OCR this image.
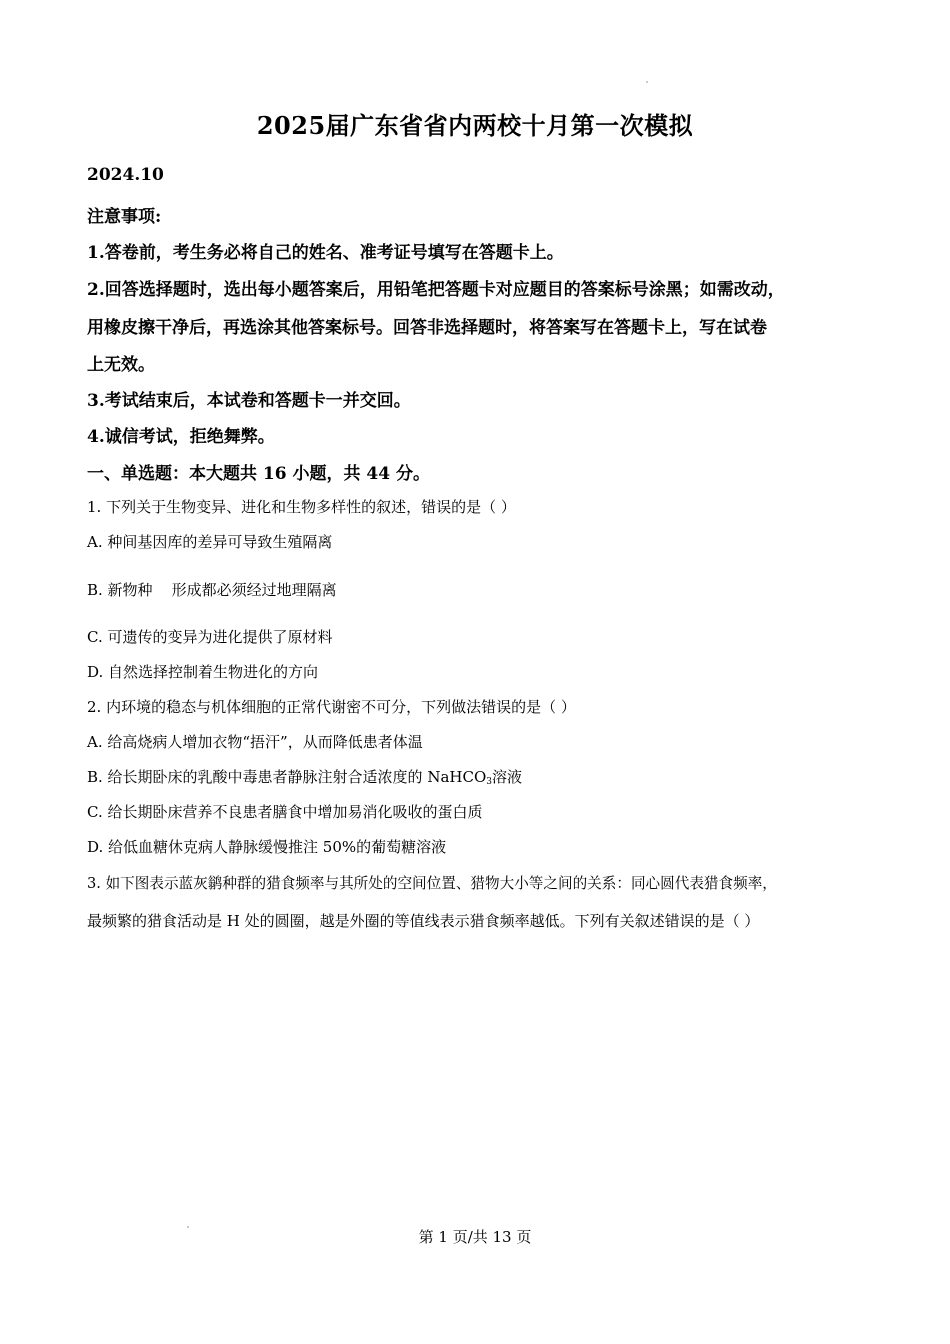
2025届广东省省内两校十月第一次模拟
2024.10
注意事项:
1.答卷前，考生务必将自己的姓名、准考证号填写在答题卡上。
2.回答选择题时，选出每小题答案后，用铅笔把答题卡对应题目的答案标号涂黑；如需改动，
用橡皮擦干净后，再选涂其他答案标号。回答非选择题时，将答案写在答题卡上，写在试卷
上无效。
3.考试结束后，本试卷和答题卡一并交回。
4.诚信考试，拒绝舞弊。
一、单选题：本大题共 16 小题，共 44 分。
1. 下列关于生物变异、进化和生物多样性的叙述，错误的是（ ）
A. 种间基因库的差异可导致生殖隔离
B. 新物种    形成都必须经过地理隔离
C. 可遗传的变异为进化提供了原材料
D. 自然选择控制着生物进化的方向
2. 内环境的稳态与机体细胞的正常代谢密不可分，下列做法错误的是（ ）
A. 给高烧病人增加衣物“捂汗”，从而降低患者体温
B. 给长期卧床的乳酸中毒患者静脉注射合适浓度的 NaHCO$_3$溶液
C. 给长期卧床营养不良患者膳食中增加易消化吸收的蛋白质
D. 给低血糖休克病人静脉缓慢推注 50%的葡萄糖溶液
3. 如下图表示蓝灰鹟种群的猎食频率与其所处的空间位置、猎物大小等之间的关系：同心圆代表猎食频率，
最频繁的猎食活动是 H 处的圆圈，越是外圈的等值线表示猎食频率越低。下列有关叙述错误的是（ ）
第 1 页/共 13 页
